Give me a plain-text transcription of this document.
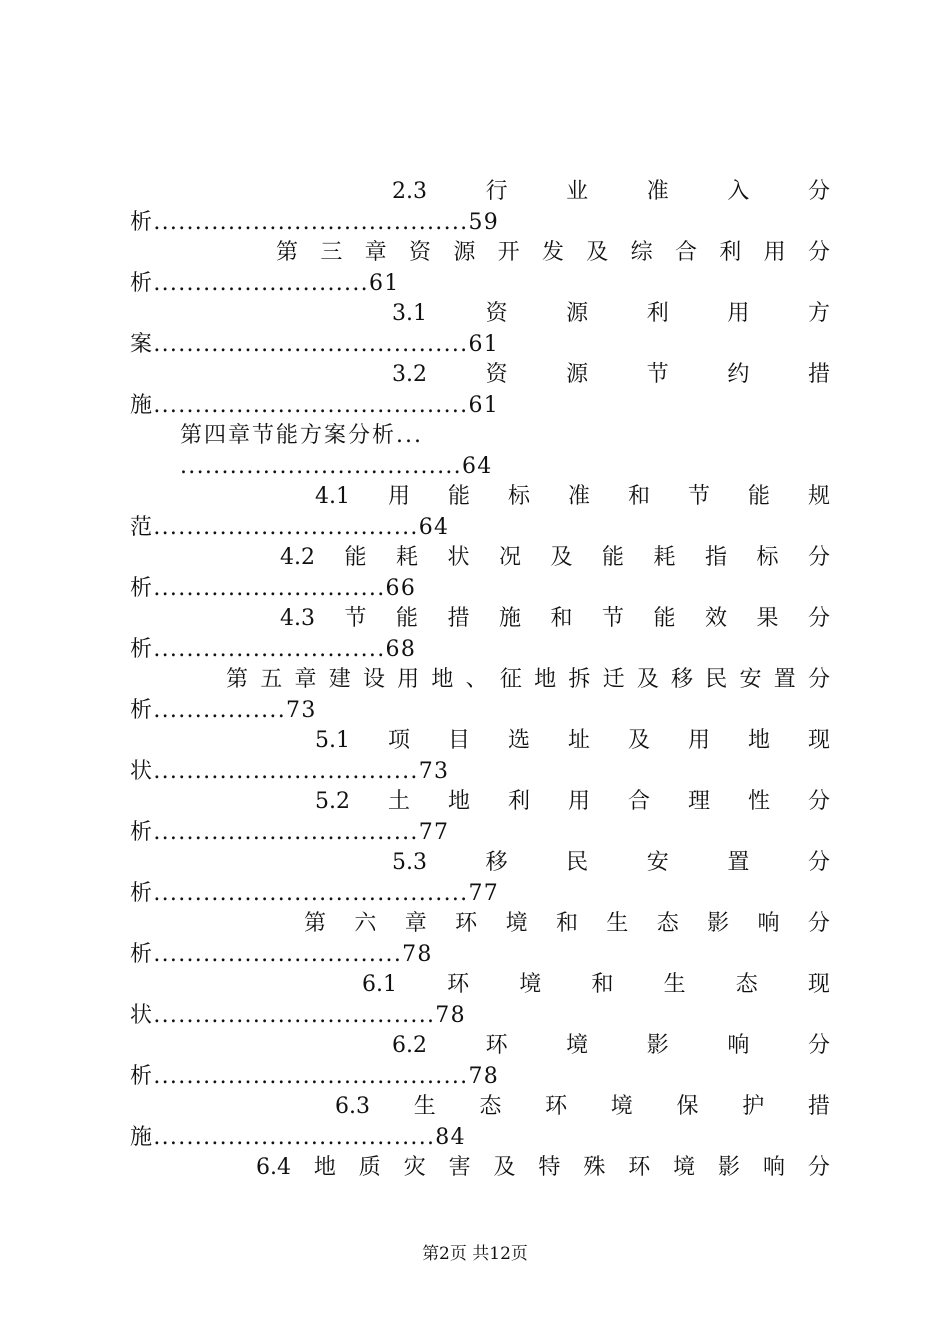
2.3	行	业	准	入	分
析......................................59
第 三 章 资 源 开 发 及 综 合 利 用 分
析..........................61
3.1	资	源	利	用	方
案......................................61
3.2	资	源	节	约	措
施......................................61
第四章节能方案分析...
..................................64
4.1 用 能 标 准 和 节 能 规
范................................64
4.2 能 耗 状 况 及 能 耗 指 标 分
析............................66
4.3 节 能 措 施 和 节 能 效 果 分
析............................68
第 五 章 建 设 用 地 、 征 地 拆 迁 及 移 民 安 置 分
析................73
5.1 项 目 选 址 及 用 地 现
状................................73
5.2 土 地 利 用 合 理 性 分
析................................77
5.3	移	民	安	置	分
析......................................77
第 六 章 环 境 和 生 态 影 响 分
析..............................78
6.1 环 境 和 生 态 现
状..................................78
6.2	环	境	影	响	分
析......................................78
6.3 生 态 环 境 保 护 措
施..................................84
6.4 地 质 灾 害 及 特 殊 环 境 影 响 分
第2页 共12页
